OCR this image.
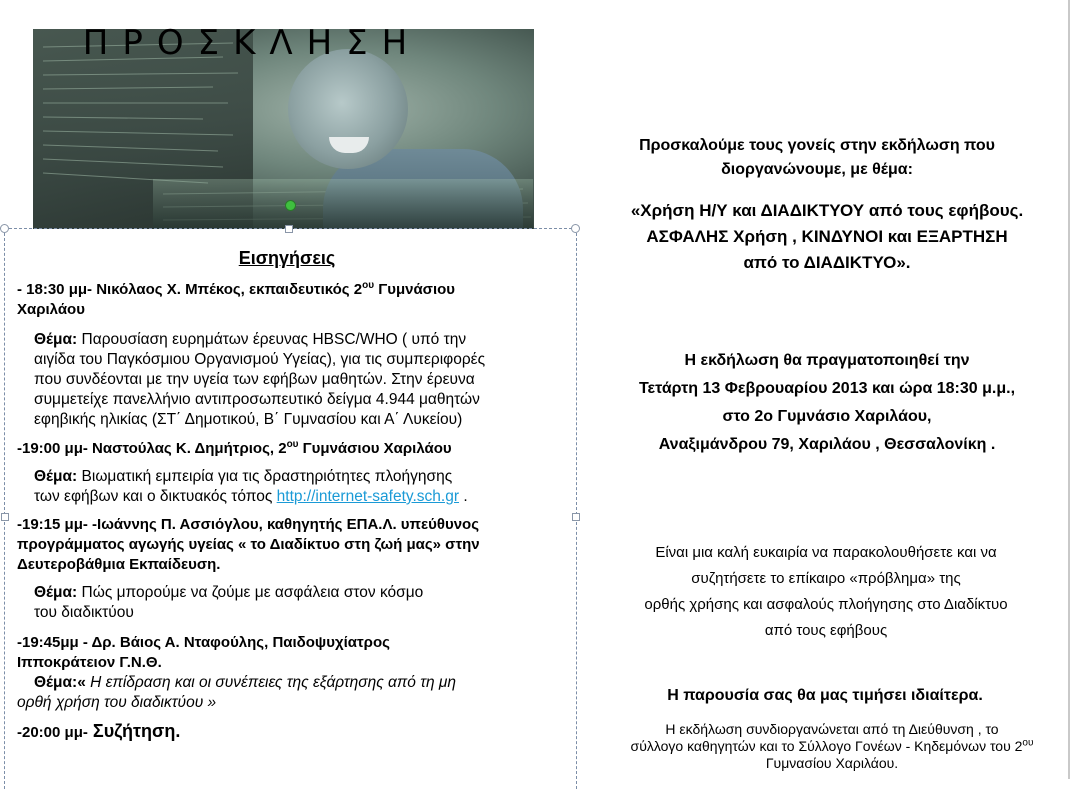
Εισηγήσεις
- 18:30 μμ- Νικόλαος Χ. Μπέκος, εκπαιδευτικός $2^{o\upsilon}$ Γυμνάσιου
Χαριλάου
Θέμα: Παρουσίαση ευρημάτων έρευνας HBSC/WHO ( υπό την
αιγίδα του Παγκόσμιου Οργανισμού Υγείας), για τις συμπεριφορές
που συνδέονται με την υγεία των εφήβων μαθητών. Στην έρευνα
συμμετείχε πανελλήνιο αντιπροσωπευτικό δείγμα 4.944 μαθητών
εφηβικής ηλικίας (ΣΤ΄ Δημοτικού, Β΄ Γυμνασίου και Α΄ Λυκείου)
-19:00 μμ- Ναστούλας Κ. Δημήτριος, $2^{o\upsilon}$ Γυμνάσιου Χαριλάου
Θέμα: Βιωματική εμπειρία για τις δραστηριότητες πλοήγησης
των εφήβων και ο δικτυακός τόπος http://internet-safety.sch.gr .
-19:15 μμ- -Ιωάννης Π. Ασσιόγλου, καθηγητής ΕΠΑ.Λ. υπεύθυνος
προγράμματος αγωγής υγείας « το Διαδίκτυο στη ζωή μας» στην
Δευτεροβάθμια Εκπαίδευση.
Θέμα: Πώς μπορούμε να ζούμε με ασφάλεια στον κόσμο
του διαδικτύου
-19:45μμ - Δρ. Βάιος Α. Νταφούλης, Παιδοψυχίατρος
Ιπποκράτειον Γ.Ν.Θ.
Θέμα:« Η επίδραση και οι συνέπειες της εξάρτησης από τη μη
ορθή χρήση του διαδικτύου »
-20:00 μμ- Συζήτηση.
ΠΡΟΣΚΛΗΣΗ
Προσκαλούμε τους γονείς στην εκδήλωση που
διοργανώνουμε, με θέμα:
«Χρήση Η/Υ και ΔΙΑΔΙΚΤΥΟΥ από τους εφήβους.
ΑΣΦΑΛΗΣ Χρήση , ΚΙΝΔΥΝΟΙ και ΕΞΑΡΤΗΣΗ
από το ΔΙΑΔΙΚΤΥΟ».
Η εκδήλωση θα πραγματοποιηθεί την
Τετάρτη 13 Φεβρουαρίου 2013 και ώρα 18:30 μ.μ.,
στο 2ο Γυμνάσιο Χαριλάου,
Αναξιμάνδρου 79, Χαριλάου , Θεσσαλονίκη .
Είναι μια καλή ευκαιρία να παρακολουθήσετε και να
συζητήσετε το επίκαιρο «πρόβλημα» της
ορθής χρήσης και ασφαλούς πλοήγησης στο Διαδίκτυο
από τους εφήβους
Η παρουσία σας θα μας τιμήσει ιδιαίτερα.
Η εκδήλωση συνδιοργανώνεται από τη Διεύθυνση , το
σύλλογο καθηγητών και το Σύλλογο Γονέων - Κηδεμόνων του $2^{o\upsilon}$
Γυμνασίου Χαριλάου.
